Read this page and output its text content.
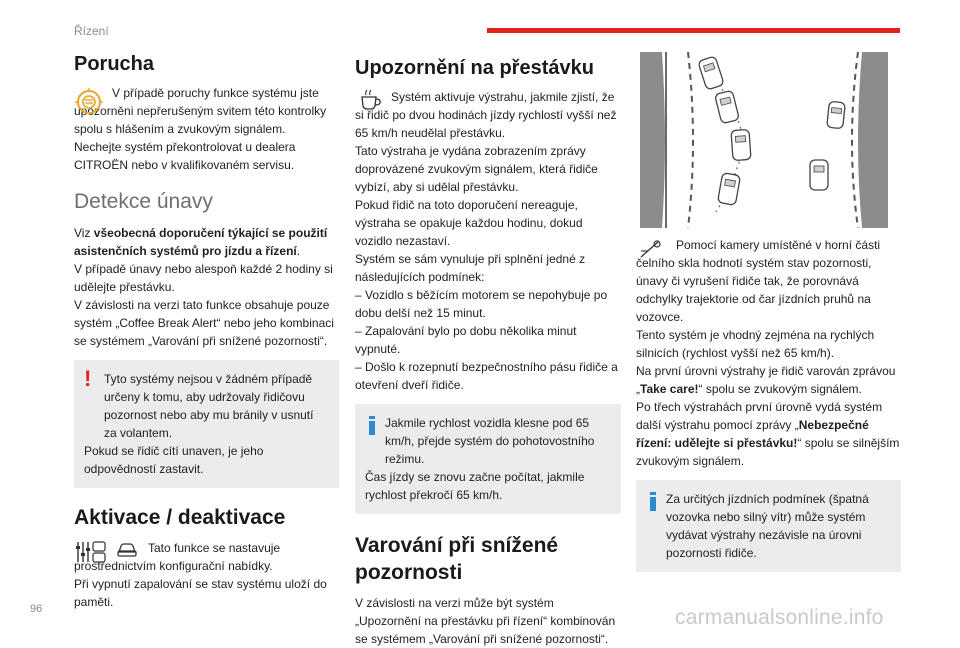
Řízení
Porucha

V případě poruchy funkce systému jste upozorněni nepřerušeným svitem této kontrolky spolu s hlášením a zvukovým signálem.

Nechejte systém překontrolovat u dealera CITROËN nebo v kvalifikovaném servisu.

Detekce únavy

Viz všeobecná doporučení týkající se použití asistenčních systémů pro jízdu a řízení.

V případě únavy nebo alespoň každé 2 hodiny si udělejte přestávku.

V závislosti na verzi tato funkce obsahuje pouze systém „Coffee Break Alert“ nebo jeho kombinaci se systémem „Varování při snížené pozornosti“.

!	Tyto systémy nejsou v žádném případě určeny k tomu, aby udržovaly řidičovu pozornost nebo aby mu bránily v usnutí za volantem.

Pokud se řidič cítí unaven, je jeho odpovědností zastavit.

Aktivace / deaktivace

Tato funkce se nastavuje prostřednictvím konfigurační nabídky.

Při vypnutí zapalování se stav systému uloží do paměti.

Upozornění na přestávku

Systém aktivuje výstrahu, jakmile zjistí, že si řidič po dvou hodinách jízdy rychlostí vyšší než 65 km/h neudělal přestávku.

Tato výstraha je vydána zobrazením zprávy doprovázené zvukovým signálem, která řidiče vybízí, aby si udělal přestávku.

Pokud řidič na toto doporučení nereaguje, výstraha se opakuje každou hodinu, dokud vozidlo nezastaví.

Systém se sám vynuluje při splnění jedné z následujících podmínek:

– Vozidlo s běžícím motorem se nepohybuje po dobu delší než 15 minut.

– Zapalování bylo po dobu několika minut vypnuté.

– Došlo k rozepnutí bezpečnostního pásu řidiče a otevření dveří řidiče.

Jakmile rychlost vozidla klesne pod 65 km/h, přejde systém do pohotovostního režimu.

Čas jízdy se znovu začne počítat, jakmile rychlost překročí 65 km/h.

Varování při snížené pozornosti

V závislosti na verzi může být systém „Upozornění na přestávku při řízení“ kombinován se systémem „Varování při snížené pozornosti“.

Pomocí kamery umístěné v horní části čelního skla hodnotí systém stav pozornosti, únavy či vyrušení řidiče tak, že porovnává odchylky trajektorie od čar jízdních pruhů na vozovce.

Tento systém je vhodný zejména na rychlých silnicích (rychlost vyšší než 65 km/h).

Na první úrovni výstrahy je řidič varován zprávou „Take care!“ spolu se zvukovým signálem.

Po třech výstrahách první úrovně vydá systém další výstrahu pomocí zprávy „Nebezpečné řízení: udělejte si přestávku!“ spolu se silnějším zvukovým signálem.

Za určitých jízdních podmínek (špatná vozovka nebo silný vítr) může systém vydávat výstrahy nezávisle na úrovni pozornosti řidiče.

96	carmanualsonline.info
